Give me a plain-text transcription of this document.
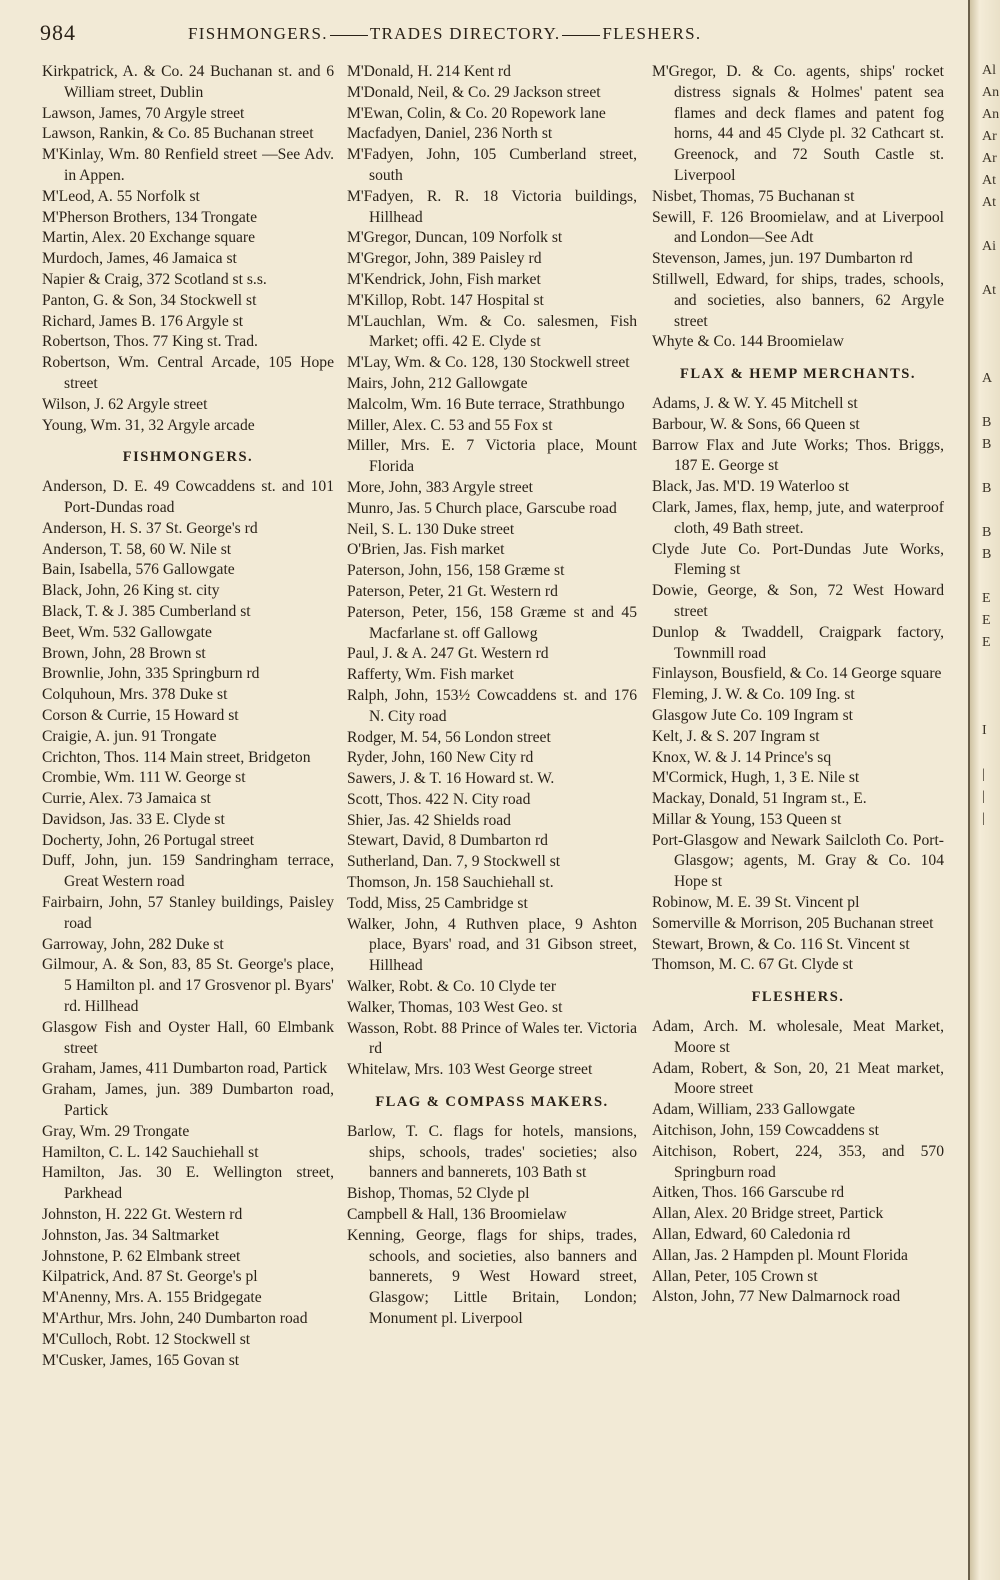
984	FISHMONGERS. TRADES DIRECTORY. FLESHERS.
Kirkpatrick, A. & Co. 24 Buchanan st. and 6 William street, Dublin
Lawson, James, 70 Argyle street
Lawson, Rankin, & Co. 85 Buchanan street
M'Kinlay, Wm. 80 Renfield street —See Adv. in Appen.
M'Leod, A. 55 Norfolk st
M'Pherson Brothers, 134 Trongate
Martin, Alex. 20 Exchange square
Murdoch, James, 46 Jamaica st
Napier & Craig, 372 Scotland st s.s.
Panton, G. & Son, 34 Stockwell st
Richard, James B. 176 Argyle st
Robertson, Thos. 77 King st. Trad.
Robertson, Wm. Central Arcade, 105 Hope street
Wilson, J. 62 Argyle street
Young, Wm. 31, 32 Argyle arcade
FISHMONGERS.
Anderson, D. E. 49 Cowcaddens st. and 101 Port-Dundas road
Anderson, H. S. 37 St. George's rd
Anderson, T. 58, 60 W. Nile st
Bain, Isabella, 576 Gallowgate
Black, John, 26 King st. city
Black, T. & J. 385 Cumberland st
Beet, Wm. 532 Gallowgate
Brown, John, 28 Brown st
Brownlie, John, 335 Springburn rd
Colquhoun, Mrs. 378 Duke st
Corson & Currie, 15 Howard st
Craigie, A. jun. 91 Trongate
Crichton, Thos. 114 Main street, Bridgeton
Crombie, Wm. 111 W. George st
Currie, Alex. 73 Jamaica st
Davidson, Jas. 33 E. Clyde st
Docherty, John, 26 Portugal street
Duff, John, jun. 159 Sandringham terrace, Great Western road
Fairbairn, John, 57 Stanley buildings, Paisley road
Garroway, John, 282 Duke st
Gilmour, A. & Son, 83, 85 St. George's place, 5 Hamilton pl. and 17 Grosvenor pl. Byars' rd. Hillhead
Glasgow Fish and Oyster Hall, 60 Elmbank street
Graham, James, 411 Dumbarton road, Partick
Graham, James, jun. 389 Dumbarton road, Partick
Gray, Wm. 29 Trongate
Hamilton, C. L. 142 Sauchiehall st
Hamilton, Jas. 30 E. Wellington street, Parkhead
Johnston, H. 222 Gt. Western rd
Johnston, Jas. 34 Saltmarket
Johnstone, P. 62 Elmbank street
Kilpatrick, And. 87 St. George's pl
M'Anenny, Mrs. A. 155 Bridgegate
M'Arthur, Mrs. John, 240 Dumbarton road
M'Culloch, Robt. 12 Stockwell st
M'Cusker, James, 165 Govan st
M'Donald, H. 214 Kent rd
M'Donald, Neil, & Co. 29 Jackson street
M'Ewan, Colin, & Co. 20 Ropework lane
Macfadyen, Daniel, 236 North st
M'Fadyen, John, 105 Cumberland street, south
M'Fadyen, R. R. 18 Victoria buildings, Hillhead
M'Gregor, Duncan, 109 Norfolk st
M'Gregor, John, 389 Paisley rd
M'Kendrick, John, Fish market
M'Killop, Robt. 147 Hospital st
M'Lauchlan, Wm. & Co. salesmen, Fish Market; offi. 42 E. Clyde st
M'Lay, Wm. & Co. 128, 130 Stockwell street
Mairs, John, 212 Gallowgate
Malcolm, Wm. 16 Bute terrace, Strathbungo
Miller, Alex. C. 53 and 55 Fox st
Miller, Mrs. E. 7 Victoria place, Mount Florida
More, John, 383 Argyle street
Munro, Jas. 5 Church place, Garscube road
Neil, S. L. 130 Duke street
O'Brien, Jas. Fish market
Paterson, John, 156, 158 Græme st
Paterson, Peter, 21 Gt. Western rd
Paterson, Peter, 156, 158 Græme st and 45 Macfarlane st. off Gallowg
Paul, J. & A. 247 Gt. Western rd
Rafferty, Wm. Fish market
Ralph, John, 153½ Cowcaddens st. and 176 N. City road
Rodger, M. 54, 56 London street
Ryder, John, 160 New City rd
Sawers, J. & T. 16 Howard st. W.
Scott, Thos. 422 N. City road
Shier, Jas. 42 Shields road
Stewart, David, 8 Dumbarton rd
Sutherland, Dan. 7, 9 Stockwell st
Thomson, Jn. 158 Sauchiehall st.
Todd, Miss, 25 Cambridge st
Walker, John, 4 Ruthven place, 9 Ashton place, Byars' road, and 31 Gibson street, Hillhead
Walker, Robt. & Co. 10 Clyde ter
Walker, Thomas, 103 West Geo. st
Wasson, Robt. 88 Prince of Wales ter. Victoria rd
Whitelaw, Mrs. 103 West George street
FLAG & COMPASS MAKERS.
Barlow, T. C. flags for hotels, mansions, ships, schools, trades' societies; also banners and bannerets, 103 Bath st
Bishop, Thomas, 52 Clyde pl
Campbell & Hall, 136 Broomielaw
Kenning, George, flags for ships, trades, schools, and societies, also banners and bannerets, 9 West Howard street, Glasgow; Little Britain, London; Monument pl. Liverpool
M'Gregor, D. & Co. agents, ships' rocket distress signals & Holmes' patent sea flames and deck flames and patent fog horns, 44 and 45 Clyde pl. 32 Cathcart st. Greenock, and 72 South Castle st. Liverpool
Nisbet, Thomas, 75 Buchanan st
Sewill, F. 126 Broomielaw, and at Liverpool and London—See Adt
Stevenson, James, jun. 197 Dumbarton rd
Stillwell, Edward, for ships, trades, schools, and societies, also banners, 62 Argyle street
Whyte & Co. 144 Broomielaw
FLAX & HEMP MERCHANTS.
Adams, J. & W. Y. 45 Mitchell st
Barbour, W. & Sons, 66 Queen st
Barrow Flax and Jute Works; Thos. Briggs, 187 E. George st
Black, Jas. M'D. 19 Waterloo st
Clark, James, flax, hemp, jute, and waterproof cloth, 49 Bath street.
Clyde Jute Co. Port-Dundas Jute Works, Fleming st
Dowie, George, & Son, 72 West Howard street
Dunlop & Twaddell, Craigpark factory, Townmill road
Finlayson, Bousfield, & Co. 14 George square
Fleming, J. W. & Co. 109 Ing. st
Glasgow Jute Co. 109 Ingram st
Kelt, J. & S. 207 Ingram st
Knox, W. & J. 14 Prince's sq
M'Cormick, Hugh, 1, 3 E. Nile st
Mackay, Donald, 51 Ingram st., E.
Millar & Young, 153 Queen st
Port-Glasgow and Newark Sailcloth Co. Port-Glasgow; agents, M. Gray & Co. 104 Hope st
Robinow, M. E. 39 St. Vincent pl
Somerville & Morrison, 205 Buchanan street
Stewart, Brown, & Co. 116 St. Vincent st
Thomson, M. C. 67 Gt. Clyde st
FLESHERS.
Adam, Arch. M. wholesale, Meat Market, Moore st
Adam, Robert, & Son, 20, 21 Meat market, Moore street
Adam, William, 233 Gallowgate
Aitchison, John, 159 Cowcaddens st
Aitchison, Robert, 224, 353, and 570 Springburn road
Aitken, Thos. 166 Garscube rd
Allan, Alex. 20 Bridge street, Partick
Allan, Edward, 60 Caledonia rd
Allan, Jas. 2 Hampden pl. Mount Florida
Allan, Peter, 105 Crown st
Alston, John, 77 New Dalmarnock road
Al
An
An
Ar
Ar
At
At

Ai

At

A

B
B

B

B
B

E
E
E

I

|
|
|
